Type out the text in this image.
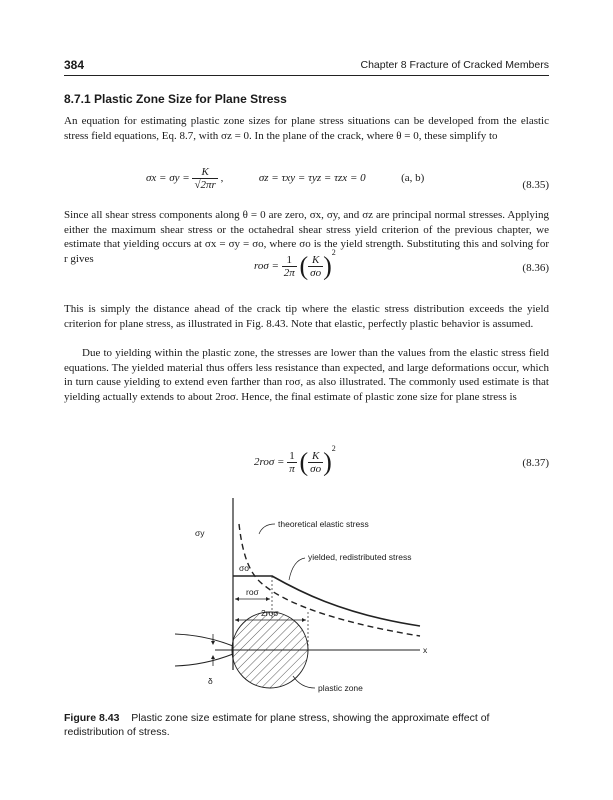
384	Chapter 8 Fracture of Cracked Members
8.7.1 Plastic Zone Size for Plane Stress

An equation for estimating plastic zone sizes for plane stress situations can be developed from the elastic stress field equations, Eq. 8.7, with σz = 0. In the plane of the crack, where θ = 0, these simplify to

$\sigma x = \sigma y = \frac{K}{√2\pi r}$ ,	σz = τxy = τyz = τzx = 0	(a, b)
(8.35)

Since all shear stress components along θ = 0 are zero, σx, σy, and σz are principal normal stresses. Applying either the maximum shear stress or the octahedral shear stress yield criterion of the previous chapter, we estimate that yielding occurs at σx = σy = σo, where σo is the yield strength. Substituting this and solving for r gives

$ro\sigma = \frac{1}{2\pi}$ ( $\frac{K}{\sigma o} )^2$
(8.36)

This is simply the distance ahead of the crack tip where the elastic stress distribution exceeds the yield criterion for plane stress, as illustrated in Fig. 8.43. Note that elastic, perfectly plastic behavior is assumed.

Due to yielding within the plastic zone, the stresses are lower than the values from the elastic stress field equations. The yielded material thus offers less resistance than expected, and large deformations occur, which in turn cause yielding to extend even farther than roσ, as also illustrated. The commonly used estimate is that yielding actually extends to about 2roσ. Hence, the final estimate of plastic zone size for plane stress is

$2ro\sigma = \frac{1}{\pi}$ ( $\frac{K}{\sigma o} )^2$
(8.37)
σy
theoretical elastic stress
yielded, redistributed stress
σo
roσ
2roσ
x
δ
plastic zone
Figure 8.43 Plastic zone size estimate for plane stress, showing the approximate effect of redistribution of stress.
